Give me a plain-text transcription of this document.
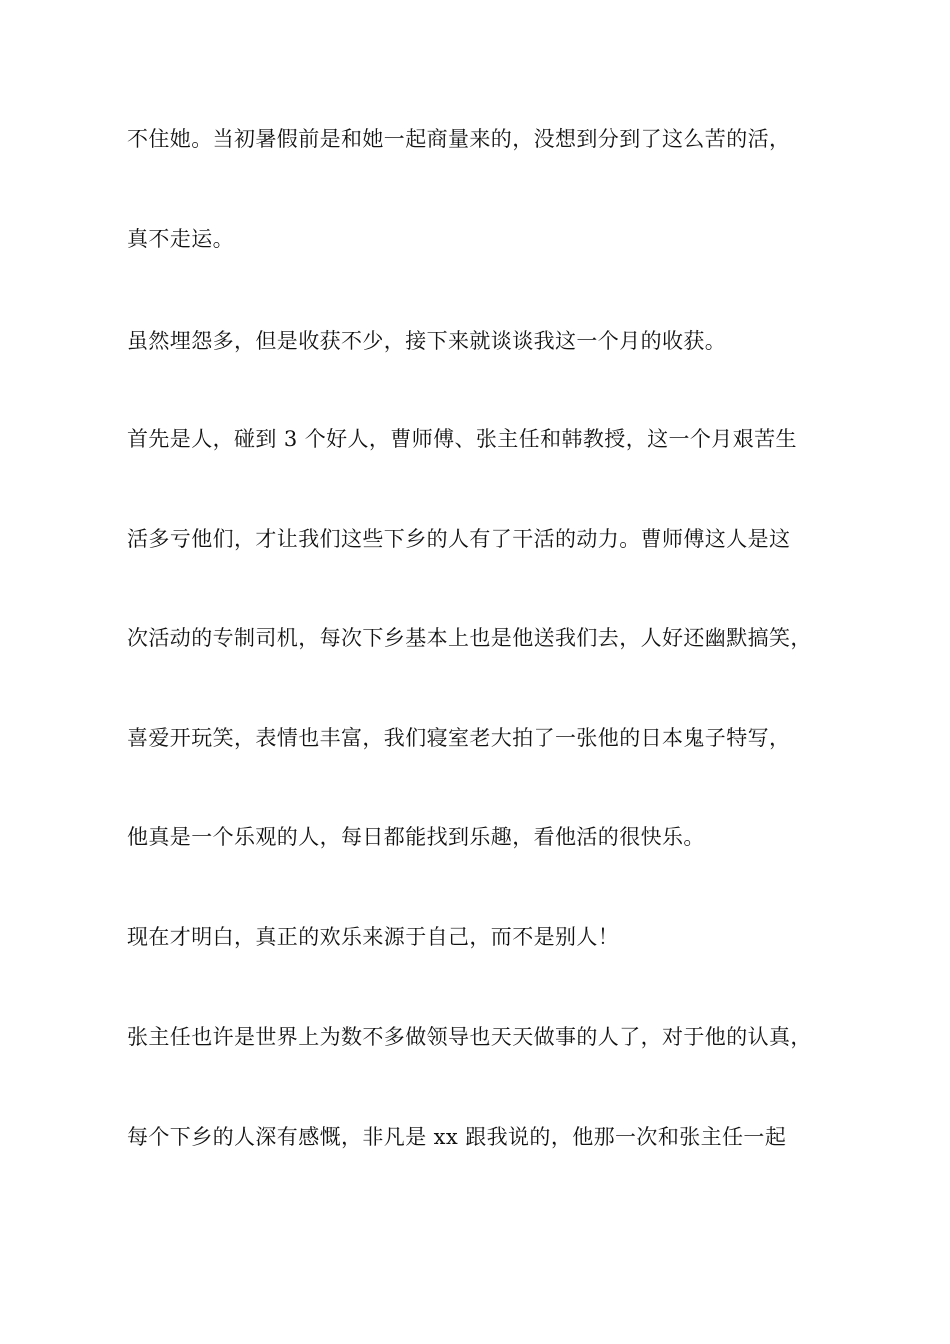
不住她。当初暑假前是和她一起商量来的，没想到分到了这么苦的活，

真不走运。

虽然埋怨多，但是收获不少，接下来就谈谈我这一个月的收获。

首先是人，碰到 3 个好人，曹师傅、张主任和韩教授，这一个月艰苦生

活多亏他们，才让我们这些下乡的人有了干活的动力。曹师傅这人是这

次活动的专制司机，每次下乡基本上也是他送我们去，人好还幽默搞笑，

喜爱开玩笑，表情也丰富，我们寝室老大拍了一张他的日本鬼子特写，

他真是一个乐观的人，每日都能找到乐趣，看他活的很快乐。

现在才明白，真正的欢乐来源于自己，而不是别人！

张主任也许是世界上为数不多做领导也天天做事的人了，对于他的认真，

每个下乡的人深有感慨，非凡是 xx 跟我说的，他那一次和张主任一起
